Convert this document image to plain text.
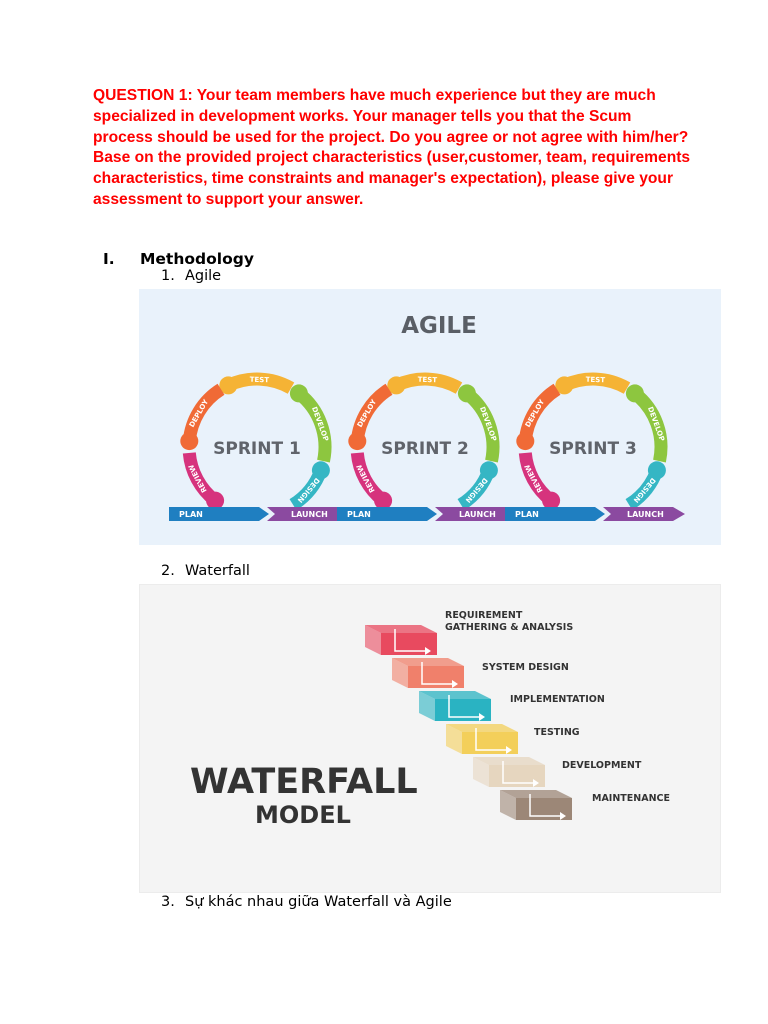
QUESTION 1: Your team members have much experience but they are much specialized in development works. Your manager tells you that the Scum process should be used for the project. Do you agree or not agree with him/her? Base on the provided project characteristics (user,customer, team, requirements characteristics, time constraints and manager's expectation), please give your assessment to support your answer.

I. Methodology
1. Agile
AGILE
TEST
DEPLOY
REVIEW	DESIGN
DEVELOP
SPRINT 1
TEST
DEPLOY
REVIEW	DESIGN
DEVELOP
SPRINT 2
TEST
DEPLOY
REVIEW	DESIGN
DEVELOP
SPRINT 3
PLAN	LAUNCH PLAN	LAUNCH PLAN	LAUNCH
2. Waterfall
WATERFALL
MODEL
REQUIREMENT
GATHERING & ANALYSIS
SYSTEM DESIGN
IMPLEMENTATION
TESTING
DEVELOPMENT
MAINTENANCE
3. Sự khác nhau giữa Waterfall và Agile
